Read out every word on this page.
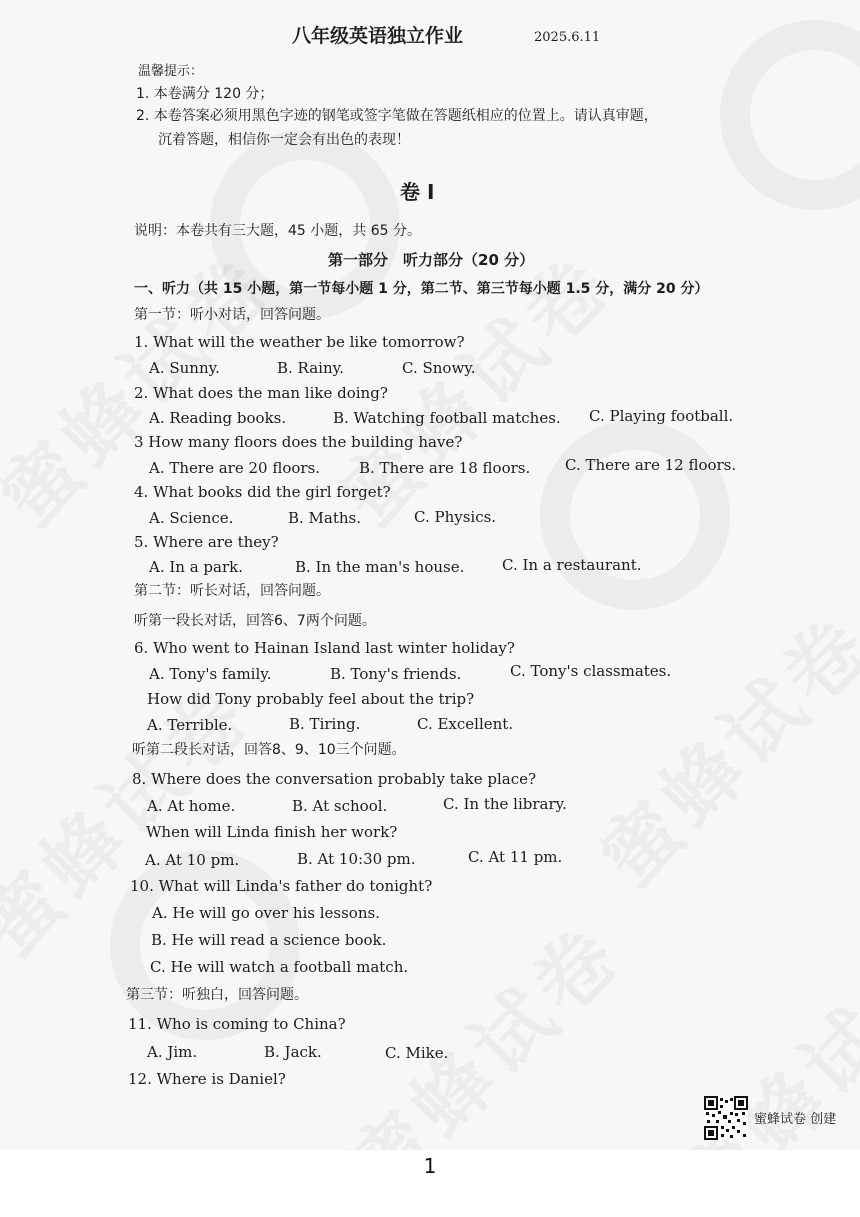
八年级英语独立作业	2025.6.11
温馨提示：
1. 本卷满分 120 分；
2. 本卷答案必须用黑色字迹的钢笔或签字笔做在答题纸相应的位置上。请认真审题，
沉着答题，相信你一定会有出色的表现！
卷 I
说明：本卷共有三大题，45 小题，共 65 分。
第一部分　听力部分（20 分）
一、听力（共 15 小题，第一节每小题 1 分，第二节、第三节每小题 1.5 分，满分 20 分）
第一节：听小对话，回答问题。
1. What will the weather be like tomorrow?
A. Sunny.	B. Rainy.	C. Snowy.
2. What does the man like doing?
A. Reading books.	B. Watching football matches. C. Playing football.
3 How many floors does the building have?
A. There are 20 floors.	B. There are 18 floors. C. There are 12 floors.
4. What books did the girl forget?
A. Science.	B. Maths.	C. Physics.
5. Where are they?
A. In a park.	B. In the man's house.	C. In a restaurant.
第二节：听长对话，回答问题。
听第一段长对话，回答6、7两个问题。
6. Who went to Hainan Island last winter holiday?
A. Tony's family.	B. Tony's friends.	C. Tony's classmates.
How did Tony probably feel about the trip?
A. Terrible.	B. Tiring.	C. Excellent.
听第二段长对话，回答8、9、10三个问题。
8. Where does the conversation probably take place?
A. At home.	B. At school.	C. In the library.
When will Linda finish her work?
A. At 10 pm.	B. At 10:30 pm.	C. At 11 pm.
10. What will Linda's father do tonight?
A. He will go over his lessons.
B. He will read a science book.
C. He will watch a football match.
第三节：听独白，回答问题。
11. Who is coming to China?
A. Jim.	B. Jack.	C. Mike.
12. Where is Daniel?
蜜蜂试卷 创建
1
